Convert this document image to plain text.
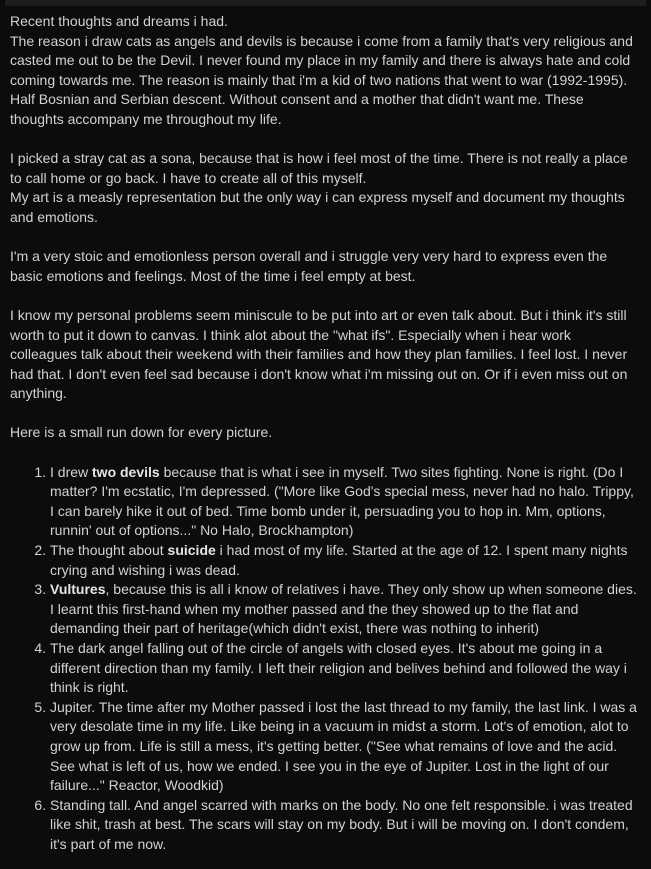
Recent thoughts and dreams i had.

The reason i draw cats as angels and devils is because i come from a family that's very religious and casted me out to be the Devil. I never found my place in my family and there is always hate and cold coming towards me. The reason is mainly that i'm a kid of two nations that went to war (1992-1995). Half Bosnian and Serbian descent. Without consent and a mother that didn't want me. These thoughts accompany me throughout my life.

I picked a stray cat as a sona, because that is how i feel most of the time. There is not really a place to call home or go back. I have to create all of this myself.

My art is a measly representation but the only way i can express myself and document my thoughts and emotions.

I'm a very stoic and emotionless person overall and i struggle very very hard to express even the basic emotions and feelings. Most of the time i feel empty at best.

I know my personal problems seem miniscule to be put into art or even talk about. But i think it's still worth to put it down to canvas. I think alot about the "what ifs". Especially when i hear work colleagues talk about their weekend with their families and how they plan families. I feel lost. I never had that. I don't even feel sad because i don't know what i'm missing out on. Or if i even miss out on anything.

Here is a small run down for every picture.

1. I drew two devils because that is what i see in myself. Two sites fighting. None is right. (Do I matter? I'm ecstatic, I'm depressed. ("More like God's special mess, never had no halo. Trippy, I can barely hike it out of bed. Time bomb under it, persuading you to hop in. Mm, options, runnin' out of options..." No Halo, Brockhampton)
2. The thought about suicide i had most of my life. Started at the age of 12. I spent many nights crying and wishing i was dead.
3. Vultures, because this is all i know of relatives i have. They only show up when someone dies. I learnt this first-hand when my mother passed and the they showed up to the flat and demanding their part of heritage(which didn't exist, there was nothing to inherit)
4. The dark angel falling out of the circle of angels with closed eyes. It's about me going in a different direction than my family. I left their religion and belives behind and followed the way i think is right.
5. Jupiter. The time after my Mother passed i lost the last thread to my family, the last link. I was a very desolate time in my life. Like being in a vacuum in midst a storm. Lot's of emotion, alot to grow up from. Life is still a mess, it's getting better. ("See what remains of love and the acid. See what is left of us, how we ended. I see you in the eye of Jupiter. Lost in the light of our failure..." Reactor, Woodkid)
6. Standing tall. And angel scarred with marks on the body. No one felt responsible. i was treated like shit, trash at best. The scars will stay on my body. But i will be moving on. I don't condem, it's part of me now.
